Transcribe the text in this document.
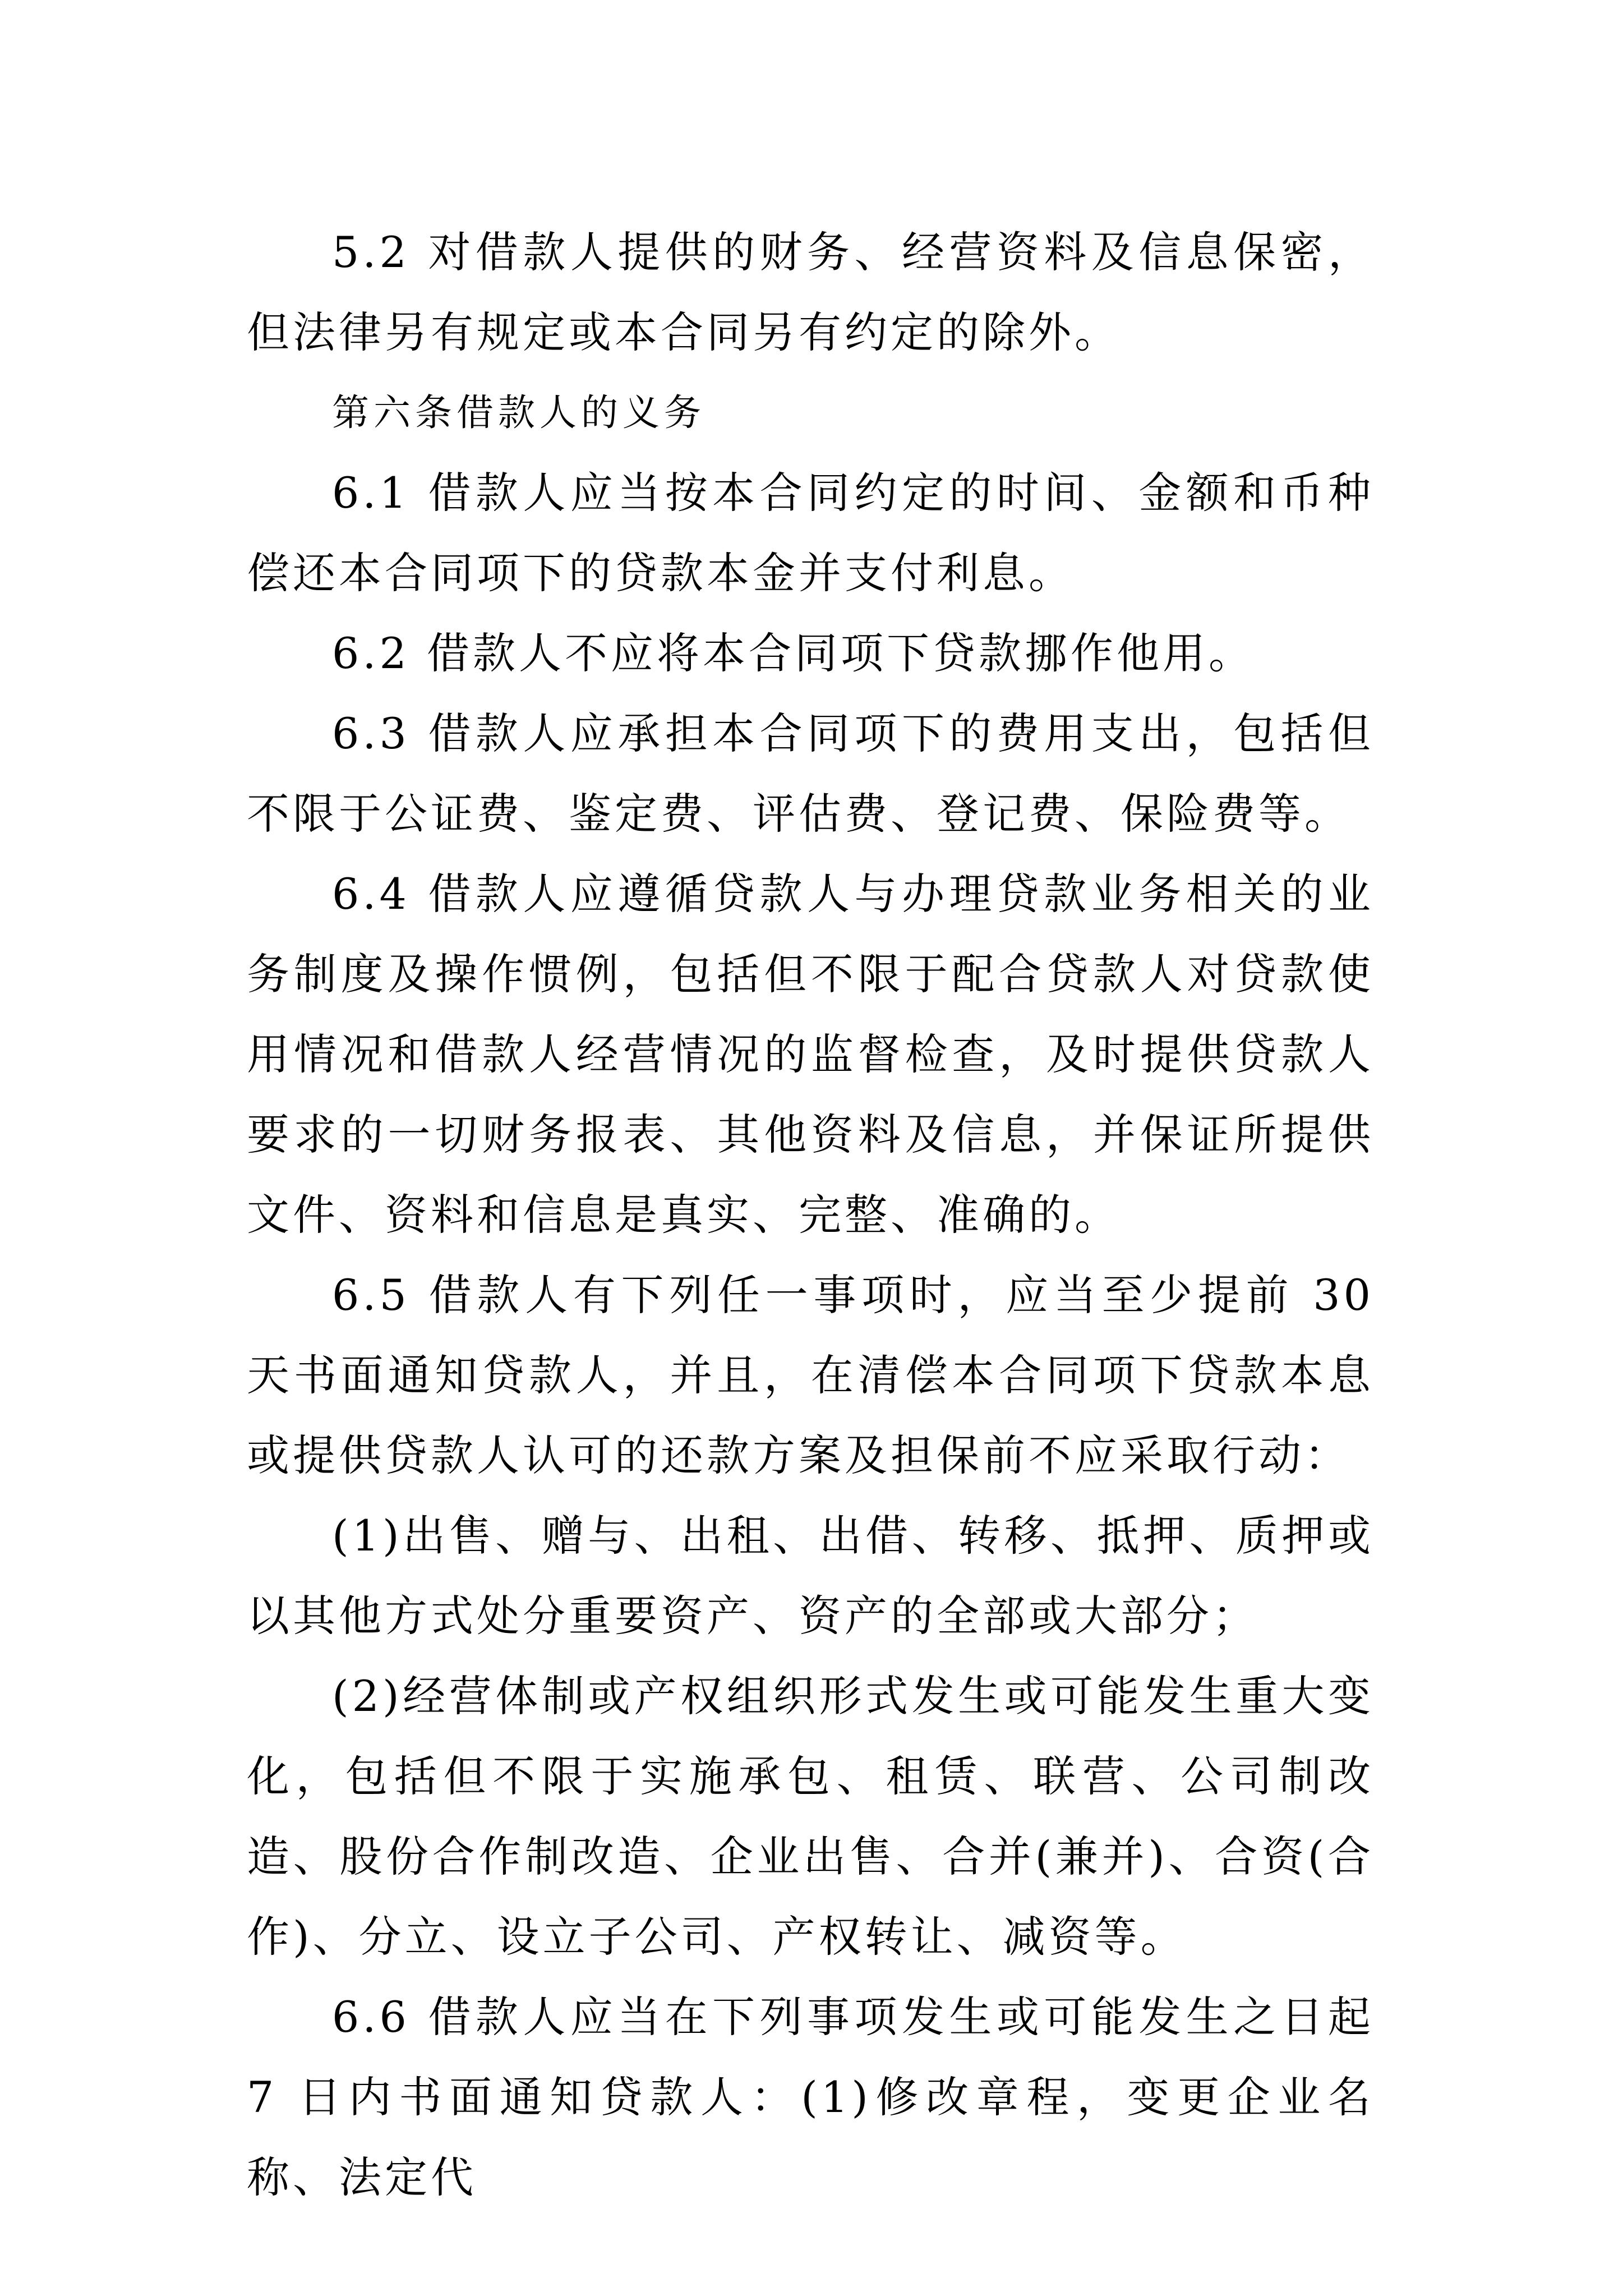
5.2 对借款人提供的财务、经营资料及信息保密，但法律另有规定或本合同另有约定的除外。

第六条借款人的义务

6.1 借款人应当按本合同约定的时间、金额和币种偿还本合同项下的贷款本金并支付利息。

6.2 借款人不应将本合同项下贷款挪作他用。

6.3 借款人应承担本合同项下的费用支出，包括但不限于公证费、鉴定费、评估费、登记费、保险费等。

6.4 借款人应遵循贷款人与办理贷款业务相关的业务制度及操作惯例，包括但不限于配合贷款人对贷款使用情况和借款人经营情况的监督检查，及时提供贷款人要求的一切财务报表、其他资料及信息，并保证所提供文件、资料和信息是真实、完整、准确的。

6.5 借款人有下列任一事项时，应当至少提前 30 天书面通知贷款人，并且，在清偿本合同项下贷款本息或提供贷款人认可的还款方案及担保前不应采取行动：

(1)出售、赠与、出租、出借、转移、抵押、质押或以其他方式处分重要资产、资产的全部或大部分；

(2)经营体制或产权组织形式发生或可能发生重大变化，包括但不限于实施承包、租赁、联营、公司制改造、股份合作制改造、企业出售、合并(兼并)、合资(合作)、分立、设立子公司、产权转让、减资等。

6.6 借款人应当在下列事项发生或可能发生之日起 7 日内书面通知贷款人：(1)修改章程，变更企业名称、法定代
